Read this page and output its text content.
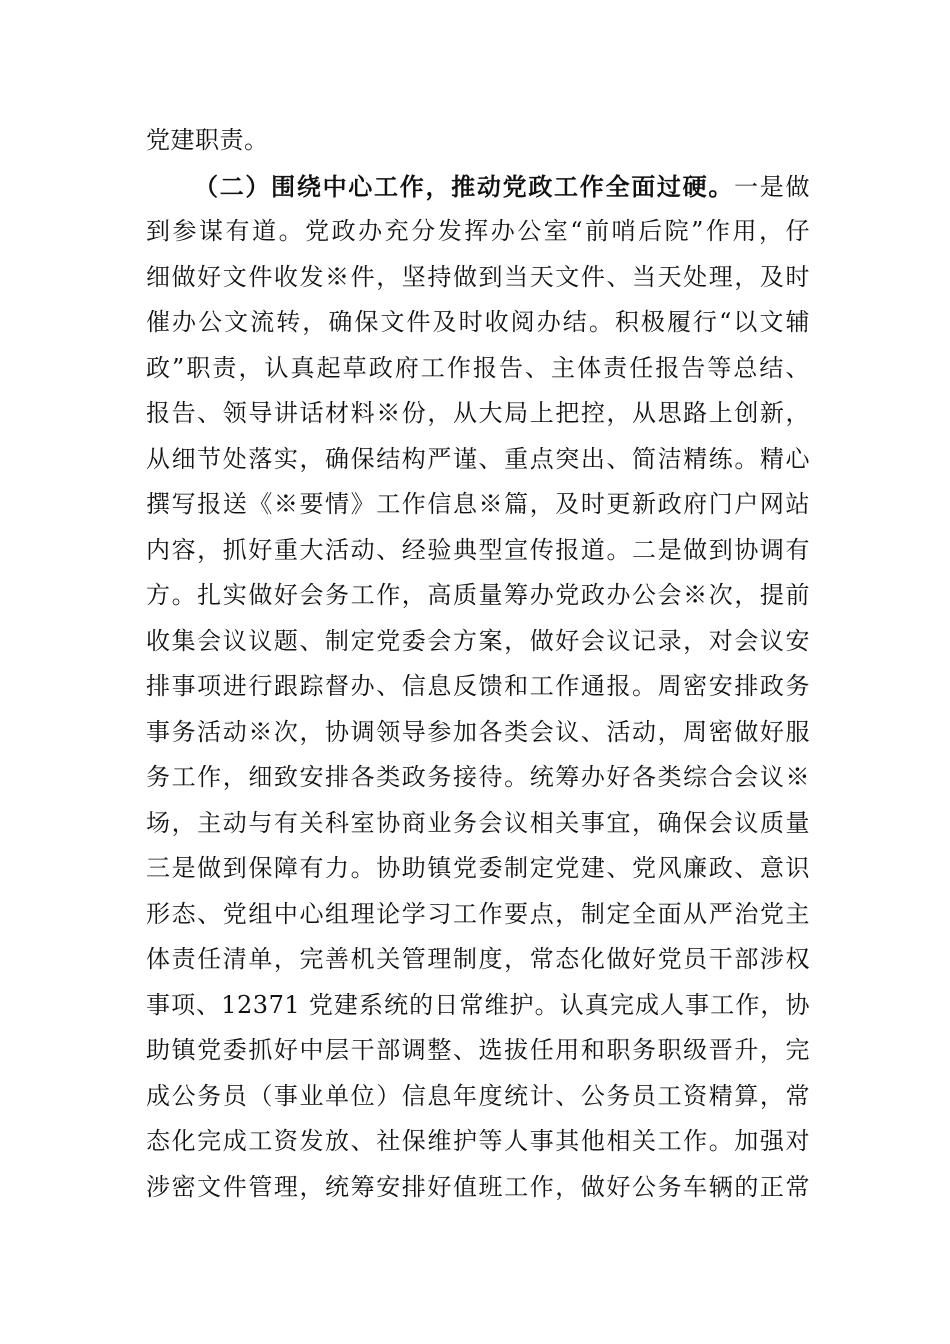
党建职责。
（二）围绕中心工作，推动党政工作全面过硬。一是做
到参谋有道。党政办充分发挥办公室“前哨后院”作用，仔
细做好文件收发※件，坚持做到当天文件、当天处理，及时
催办公文流转，确保文件及时收阅办结。积极履行“以文辅
政”职责，认真起草政府工作报告、主体责任报告等总结、
报告、领导讲话材料※份，从大局上把控，从思路上创新，
从细节处落实，确保结构严谨、重点突出、简洁精练。精心
撰写报送《※要情》工作信息※篇，及时更新政府门户网站
内容，抓好重大活动、经验典型宣传报道。二是做到协调有
方。扎实做好会务工作，高质量筹办党政办公会※次，提前
收集会议议题、制定党委会方案，做好会议记录，对会议安
排事项进行跟踪督办、信息反馈和工作通报。周密安排政务
事务活动※次，协调领导参加各类会议、活动，周密做好服
务工作，细致安排各类政务接待。统筹办好各类综合会议※
场，主动与有关科室协商业务会议相关事宜，确保会议质量
三是做到保障有力。协助镇党委制定党建、党风廉政、意识
形态、党组中心组理论学习工作要点，制定全面从严治党主
体责任清单，完善机关管理制度，常态化做好党员干部涉权
事项、12371 党建系统的日常维护。认真完成人事工作，协
助镇党委抓好中层干部调整、选拔任用和职务职级晋升，完
成公务员（事业单位）信息年度统计、公务员工资精算，常
态化完成工资发放、社保维护等人事其他相关工作。加强对
涉密文件管理，统筹安排好值班工作，做好公务车辆的正常
